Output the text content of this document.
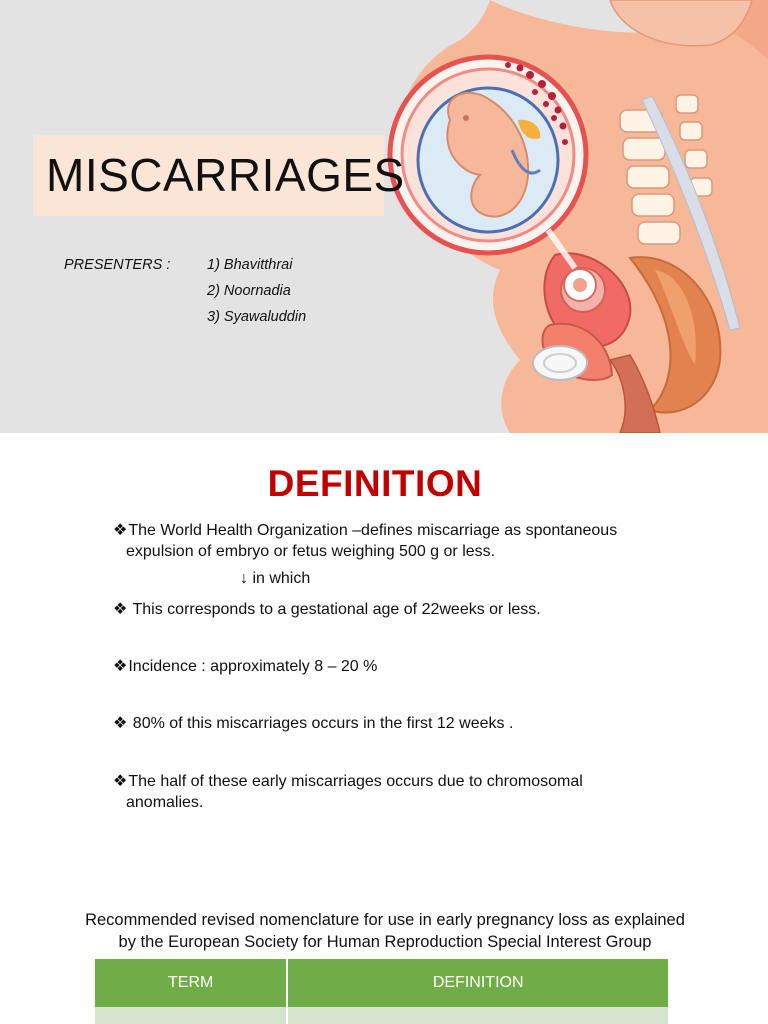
MISCARRIAGES
PRESENTERS :	1) Bhavitthrai
2) Noornadia
3) Syawaluddin
DEFINITION
❖The World Health Organization –defines miscarriage as spontaneous
expulsion of embryo or fetus weighing 500 g or less.
↓ in which
❖ This corresponds to a gestational age of 22weeks or less.
❖Incidence : approximately 8 – 20 %
❖ 80% of this miscarriages occurs in the first 12 weeks .
❖The half of these early miscarriages occurs due to chromosomal
anomalies.
Recommended revised nomenclature for use in early pregnancy loss as explained
by the European Society for Human Reproduction Special Interest Group
TERM	DEFINITION
